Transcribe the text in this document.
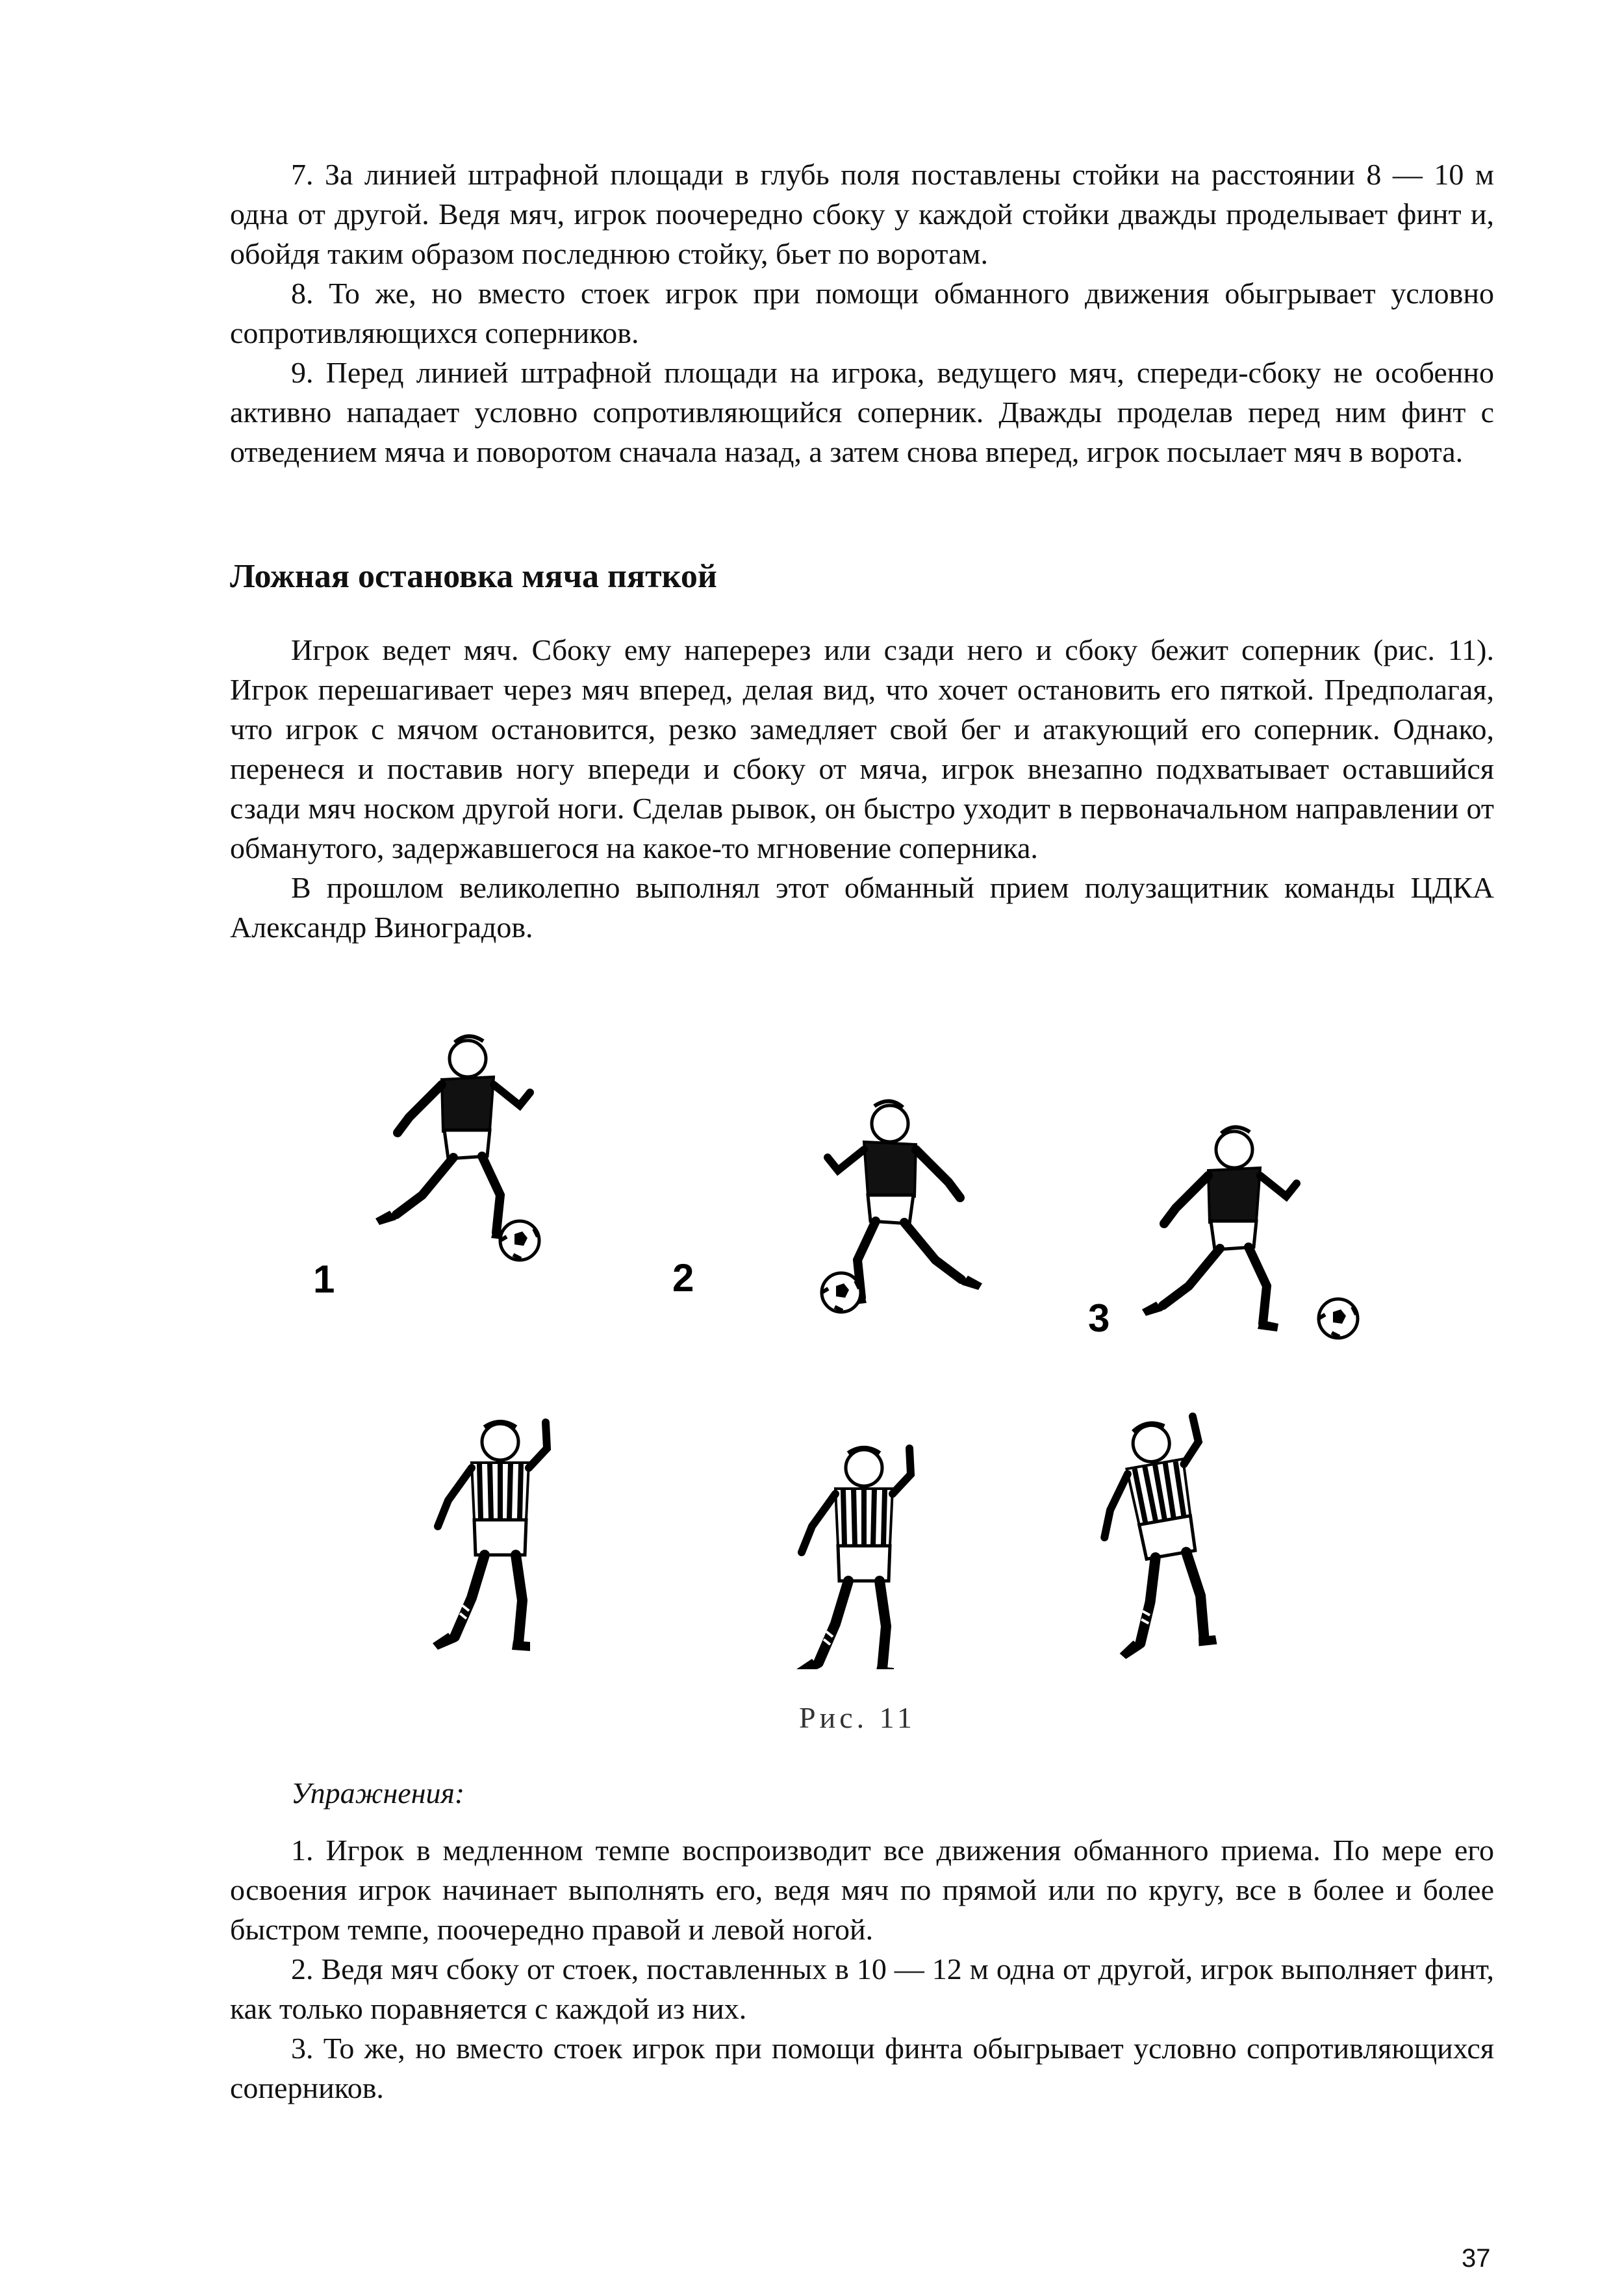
7. За линией штрафной площади в глубь поля поставлены стойки на расстоянии 8 — 10 м одна от другой. Ведя мяч, игрок поочередно сбоку у каждой стойки дважды проделывает финт и, обойдя таким образом последнюю стойку, бьет по воротам.

8. То же, но вместо стоек игрок при помощи обманного движения обыгрывает условно сопротивляющихся соперников.

9. Перед линией штрафной площади на игрока, ведущего мяч, спереди-сбоку не особенно активно нападает условно сопротивляющийся соперник. Дважды проделав перед ним финт с отведением мяча и поворотом сначала назад, а затем снова вперед, игрок посылает мяч в ворота.

Ложная остановка мяча пяткой

Игрок ведет мяч. Сбоку ему наперерез или сзади него и сбоку бежит соперник (рис. 11). Игрок перешагивает через мяч вперед, делая вид, что хочет остановить его пяткой. Предполагая, что игрок с мячом остановится, резко замедляет свой бег и атакующий его соперник. Однако, перенеся и поставив ногу впереди и сбоку от мяча, игрок внезапно подхватывает оставшийся сзади мяч носком другой ноги. Сделав рывок, он быстро уходит в первоначальном направлении от обманутого, задержавшегося на какое-то мгновение соперника.

В прошлом великолепно выполнял этот обманный прием полузащитник команды ЦДКА Александр Виноградов.

1	2
3

Рис. 11

Упражнения:

1. Игрок в медленном темпе воспроизводит все движения обманного приема. По мере его освоения игрок начинает выполнять его, ведя мяч по прямой или по кругу, все в более и более быстром темпе, поочередно правой и левой ногой.

2. Ведя мяч сбоку от стоек, поставленных в 10 — 12 м одна от другой, игрок выполняет финт, как только поравняется с каждой из них.

3. То же, но вместо стоек игрок при помощи финта обыгрывает условно сопротивляющихся соперников.

37
